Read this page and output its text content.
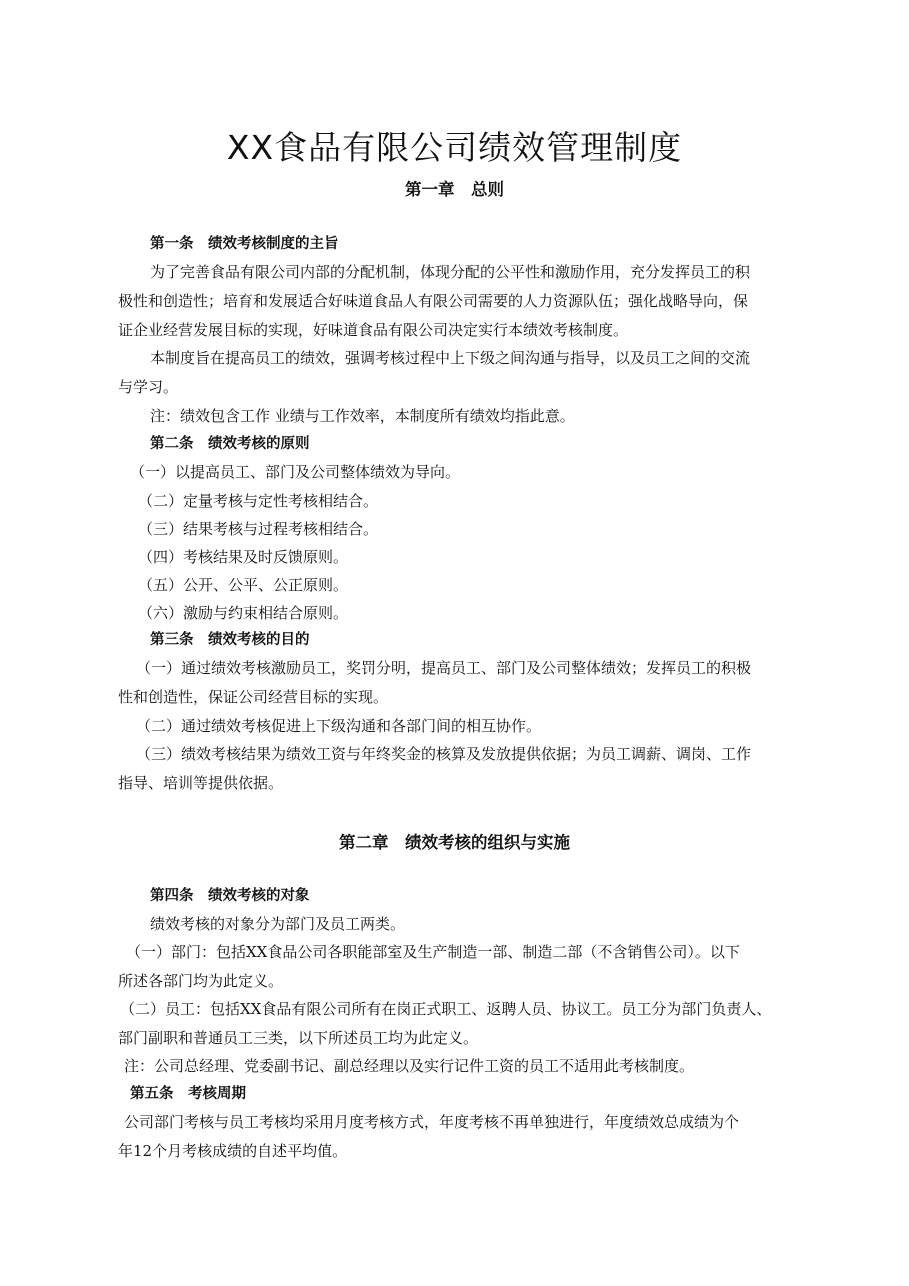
XX食品有限公司绩效管理制度
第一章　总则
第一条　绩效考核制度的主旨
为了完善食品有限公司内部的分配机制，体现分配的公平性和激励作用，充分发挥员工的积
极性和创造性；培育和发展适合好味道食品人有限公司需要的人力资源队伍；强化战略导向，保
证企业经营发展目标的实现，好味道食品有限公司决定实行本绩效考核制度。
本制度旨在提高员工的绩效，强调考核过程中上下级之间沟通与指导，以及员工之间的交流
与学习。
注：绩效包含工作 业绩与工作效率，本制度所有绩效均指此意。
第二条　绩效考核的原则
（一）以提高员工、部门及公司整体绩效为导向。
（二）定量考核与定性考核相结合。
（三）结果考核与过程考核相结合。
（四）考核结果及时反馈原则。
（五）公开、公平、公正原则。
（六）激励与约束相结合原则。
第三条　绩效考核的目的
（一）通过绩效考核激励员工，奖罚分明，提高员工、部门及公司整体绩效；发挥员工的积极
性和创造性，保证公司经营目标的实现。
（二）通过绩效考核促进上下级沟通和各部门间的相互协作。
（三）绩效考核结果为绩效工资与年终奖金的核算及发放提供依据；为员工调薪、调岗、工作
指导、培训等提供依据。
第二章　绩效考核的组织与实施
第四条　绩效考核的对象
绩效考核的对象分为部门及员工两类。
（一）部门：包括XX食品公司各职能部室及生产制造一部、制造二部（不含销售公司）。以下
所述各部门均为此定义。
（二）员工：包括XX食品有限公司所有在岗正式职工、返聘人员、协议工。员工分为部门负责人、
部门副职和普通员工三类，以下所述员工均为此定义。
注：公司总经理、党委副书记、副总经理以及实行记件工资的员工不适用此考核制度。
第五条　考核周期
公司部门考核与员工考核均采用月度考核方式，年度考核不再单独进行，年度绩效总成绩为个
年12个月考核成绩的自述平均值。
